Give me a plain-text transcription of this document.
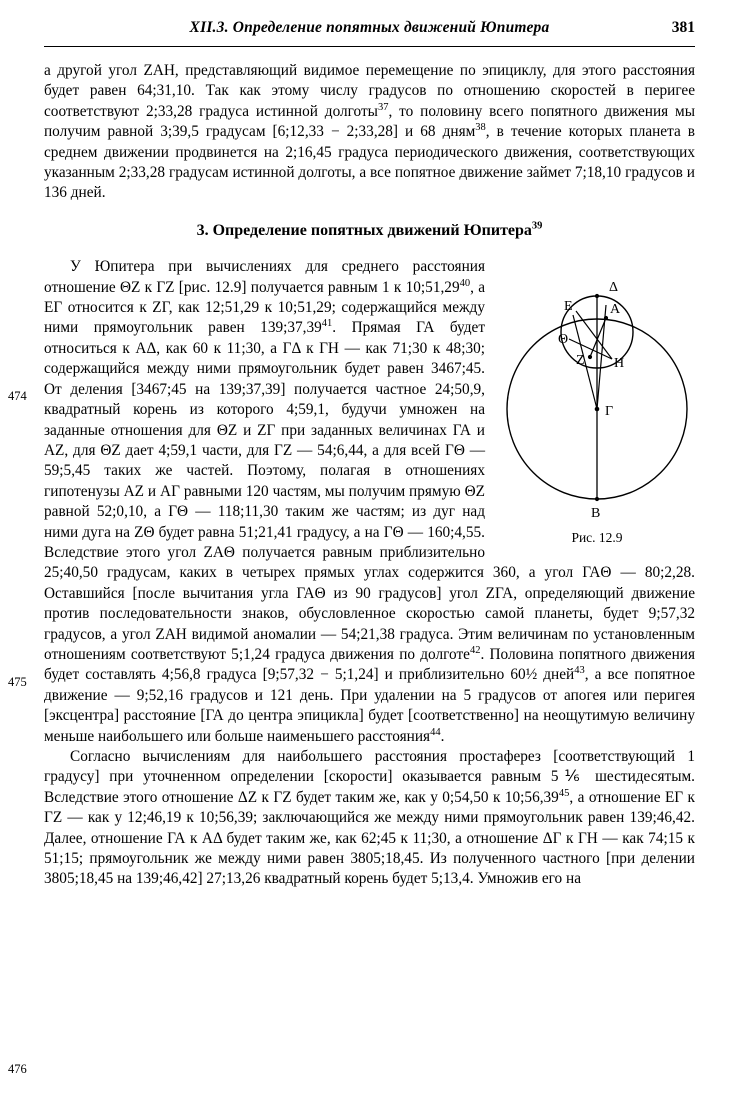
XII.3. Определение попятных движений Юпитера	381
474
475
476

а другой угол ZAH, представляющий видимое перемещение по эпициклу, для этого расстояния будет равен 64;31,10. Так как этому числу градусов по отношению скоростей в перигее соответствуют 2;33,28 градуса истинной долготы$^{37}$, то половину всего попятного движения мы получим равной 3;39,5 градусам [6;12,33 − 2;33,28] и 68 дням$^{38}$, в течение которых планета в среднем движении продвинется на 2;16,45 градуса периодического движения, соответствующих указанным 2;33,28 градусам истинной долготы, а все попятное движение займет 7;18,10 градусов и 136 дней.

3. Определение попятных движений Юпитера$^{39}$

Δ
Е	А
Θ
Z Н
Г
В
Рис. 12.9

У Юпитера при вычислениях для среднего расстояния отношение ΘZ к ΓZ [рис. 12.9] получается равным 1 к 10;51,29$^{40}$, а ЕГ относится к ZГ, как 12;51,29 к 10;51,29; содержащийся между ними прямоугольник равен 139;37,39$^{41}$. Прямая ГА будет относиться к АΔ, как 60 к 11;30, а ГΔ к ГН — как 71;30 к 48;30; содержащийся между ними прямоугольник будет равен 3467;45. От деления [3467;45 на 139;37,39] получается частное 24;50,9, квадратный корень из которого 4;59,1, будучи умножен на заданные отношения для ΘZ и ZГ при заданных величинах ГА и AZ, для ΘZ дает 4;59,1 части, для ГZ — 54;6,44, а для всей ГΘ — 59;5,45 таких же частей. Поэтому, полагая в отношениях гипотенузы AZ и AГ равными 120 частям, мы получим прямую ΘZ равной 52;0,10, а ГΘ — 118;11,30 таким же частям; из дуг над ними дуга на ZΘ будет равна 51;21,41 градусу, а на ГΘ — 160;4,55. Вследствие этого угол ZAΘ получается равным приблизительно 25;40,50 градусам, каких в четырех прямых углах содержится 360, а угол ГАΘ — 80;2,28. Оставшийся [после вычитания угла ГАΘ из 90 градусов] угол ZГА, определяющий движение против последовательности знаков, обусловленное скоростью самой планеты, будет 9;57,32 градусов, а угол ZAH видимой аномалии — 54;21,38 градуса. Этим величинам по установленным отношениям соответствуют 5;1,24 градуса движения по долготе$^{42}$. Половина попятного движения будет составлять 4;56,8 градуса [9;57,32 − 5;1,24] и приблизительно 60½ дней$^{43}$, а все попятное движение — 9;52,16 градусов и 121 день. При удалении на 5 градусов от апогея или перигея [эксцентра] расстояние [ГА до центра эпицикла] будет [соответственно] на неощутимую величину меньше наибольшего или больше наименьшего расстояния$^{44}$.

Согласно вычислениям для наибольшего расстояния простаферез [соответствующий 1 градусу] при уточненном определении [скорости] оказывается равным 5⅙ шестидесятым. Вследствие этого отношение ΔZ к ГZ будет таким же, как у 0;54,50 к 10;56,39$^{45}$, а отношение ЕГ к ГZ — как у 12;46,19 к 10;56,39; заключающийся же между ними прямоугольник равен 139;46,42. Далее, отношение ГА к АΔ будет таким же, как 62;45 к 11;30, а отношение ΔГ к ГН — как 74;15 к 51;15; прямоугольник же между ними равен 3805;18,45. Из полученного частного [при делении 3805;18,45 на 139;46,42] 27;13,26 квадратный корень будет 5;13,4. Умножив его на
